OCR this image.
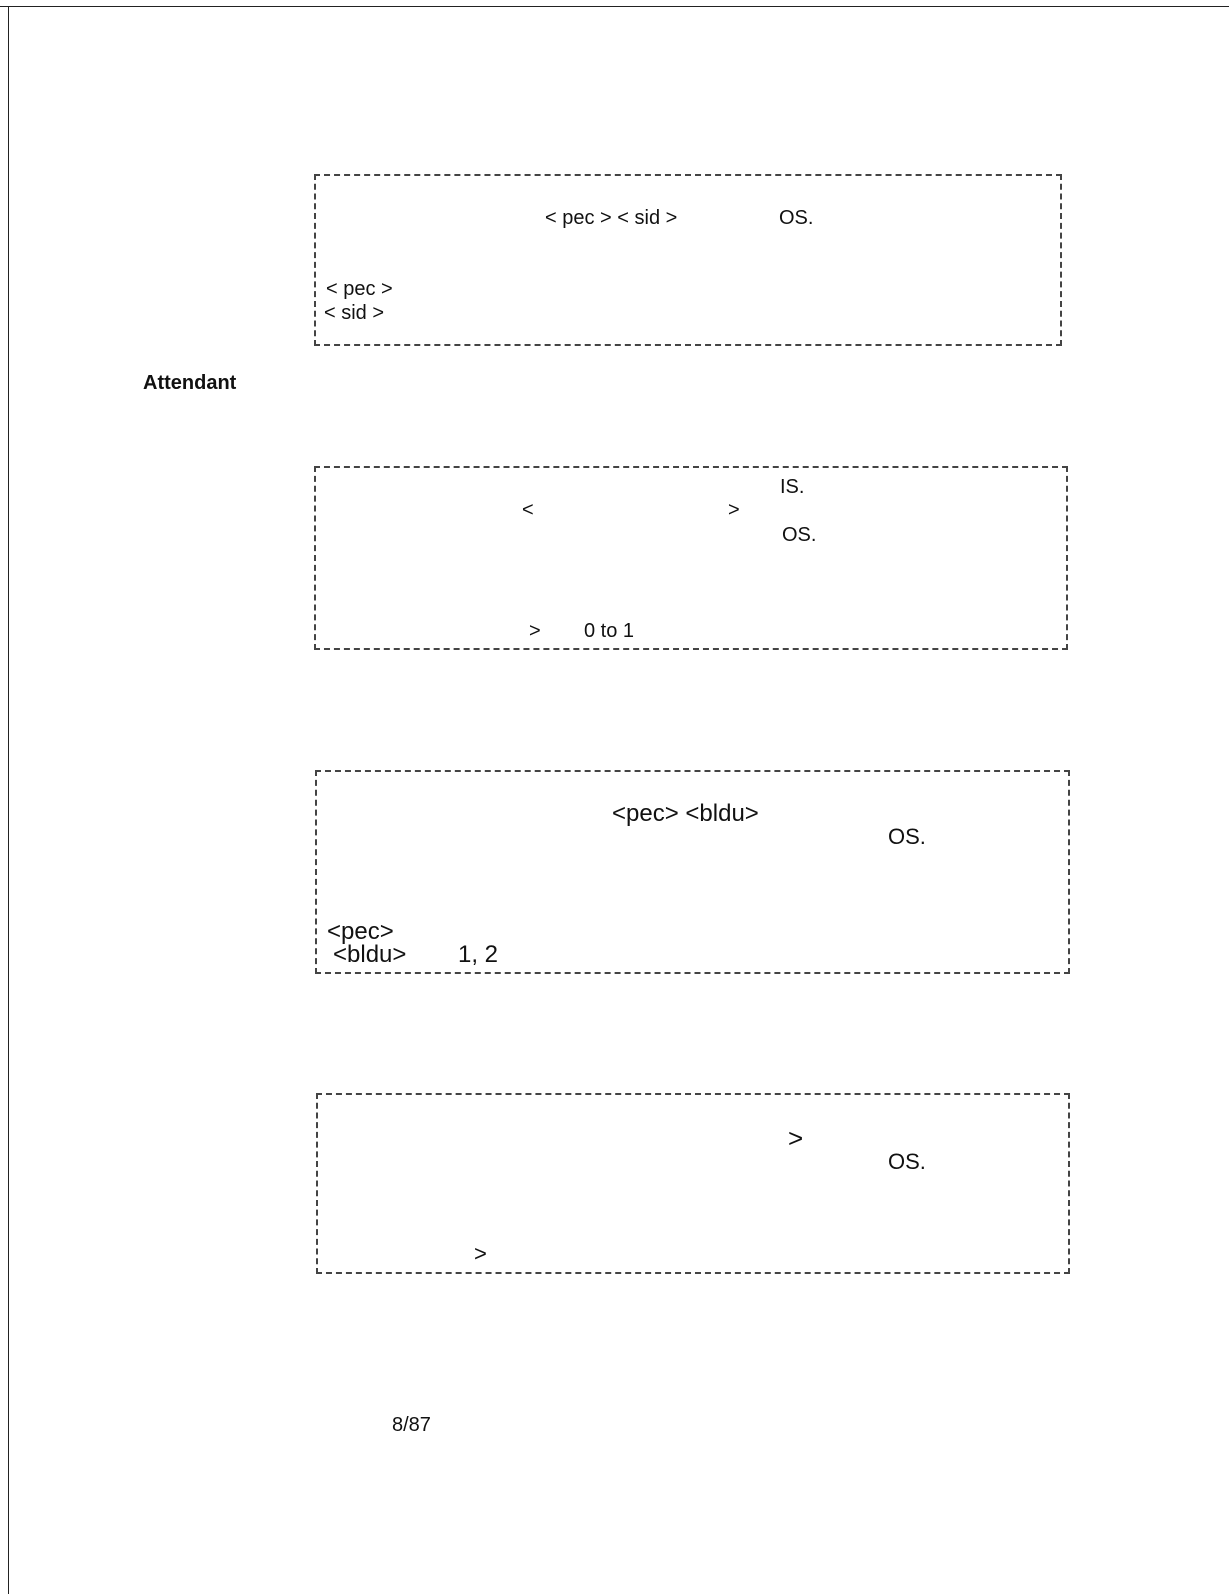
< pec > < sid >	OS.
< pec >
< sid >
Attendant
IS.
<	>
OS.
> 0 to 1
<pec> <bldu>
OS.
<pec>
<bldu> 1, 2
>
OS.
>
8/87
